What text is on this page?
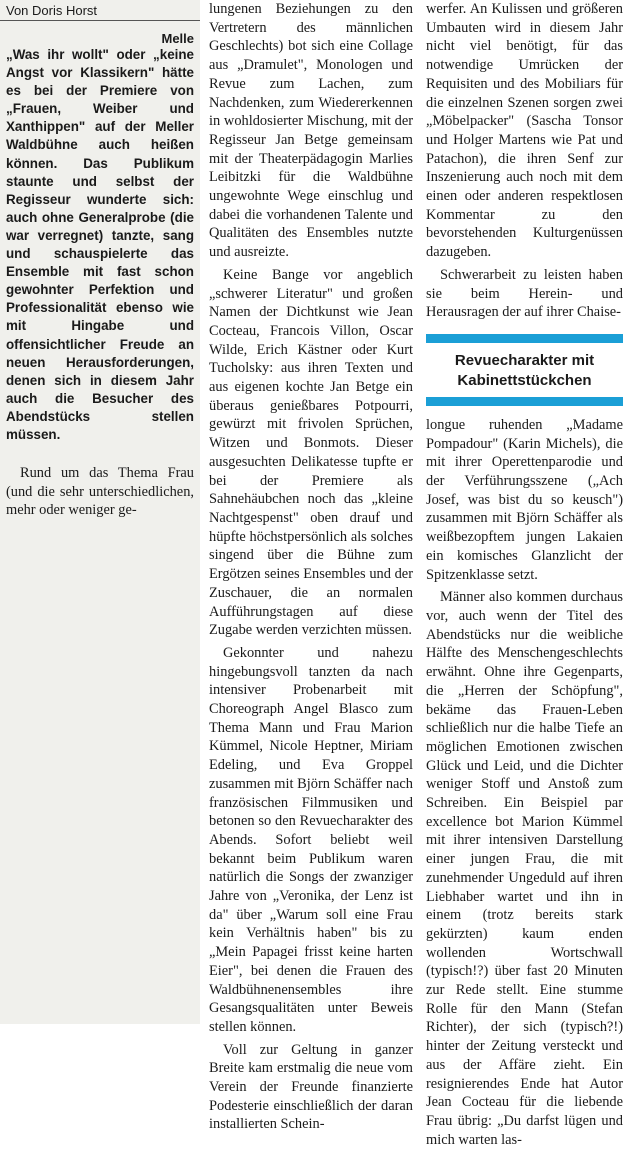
Von Doris Horst

Melle

„Was ihr wollt" oder „keine Angst vor Klassikern" hätte es bei der Premiere von „Frauen, Weiber und Xanthippen" auf der Meller Waldbühne auch heißen können. Das Publikum staunte und selbst der Regisseur wunderte sich: auch ohne Generalprobe (die war verregnet) tanzte, sang und schauspielerte das Ensemble mit fast schon gewohnter Perfektion und Professionalität ebenso wie mit Hingabe und offensichtlicher Freude an neuen Herausforderungen, denen sich in diesem Jahr auch die Besucher des Abendstücks stellen müssen.

Rund um das Thema Frau (und die sehr unterschiedlichen, mehr oder weniger ge-

lungenen Beziehungen zu den Vertretern des männlichen Geschlechts) bot sich eine Collage aus „Dramulet", Monologen und Revue zum Lachen, zum Nachdenken, zum Wiedererkennen in wohldosierter Mischung, mit der Regisseur Jan Betge gemeinsam mit der Theaterpädagogin Marlies Leibitzki für die Waldbühne ungewohnte Wege einschlug und dabei die vorhandenen Talente und Qualitäten des Ensembles nutzte und ausreizte.

Keine Bange vor angeblich „schwerer Literatur" und großen Namen der Dichtkunst wie Jean Cocteau, Francois Villon, Oscar Wilde, Erich Kästner oder Kurt Tucholsky: aus ihren Texten und aus eigenen kochte Jan Betge ein überaus genießbares Potpourri, gewürzt mit frivolen Sprüchen, Witzen und Bonmots. Dieser ausgesuchten Delikatesse tupfte er bei der Premiere als Sahnehäubchen noch das „kleine Nachtgespenst" oben drauf und hüpfte höchstpersönlich als solches singend über die Bühne zum Ergötzen seines Ensembles und der Zuschauer, die an normalen Aufführungstagen auf diese Zugabe werden verzichten müssen.

Gekonnter und nahezu hingebungsvoll tanzten da nach intensiver Probenarbeit mit Choreograph Angel Blasco zum Thema Mann und Frau Marion Kümmel, Nicole Heptner, Miriam Edeling, und Eva Groppel zusammen mit Björn Schäffer nach französischen Filmmusiken und betonen so den Revuecharakter des Abends. Sofort beliebt weil bekannt beim Publikum waren natürlich die Songs der zwanziger Jahre von „Veronika, der Lenz ist da" über „Warum soll eine Frau kein Verhältnis haben" bis zu „Mein Papagei frisst keine harten Eier", bei denen die Frauen des Waldbühnenensembles ihre Gesangsqualitäten unter Beweis stellen können.

Voll zur Geltung in ganzer Breite kam erstmalig die neue vom Verein der Freunde finanzierte Podesterie einschließlich der daran installierten Schein-

werfer. An Kulissen und größeren Umbauten wird in diesem Jahr nicht viel benötigt, für das notwendige Umrücken der Requisiten und des Mobiliars für die einzelnen Szenen sorgen zwei „Möbelpacker" (Sascha Tonsor und Holger Martens wie Pat und Patachon), die ihren Senf zur Inszenierung auch noch mit dem einen oder anderen respektlosen Kommentar zu den bevorstehenden Kulturgenüssen dazugeben.

Schwerarbeit zu leisten haben sie beim Herein- und Herausragen der auf ihrer Chaise-

Revuecharakter mit Kabinettstückchen

longue ruhenden „Madame Pompadour" (Karin Michels), die mit ihrer Operettenparodie und der Verführungsszene („Ach Josef, was bist du so keusch") zusammen mit Björn Schäffer als weißbezopftem jungen Lakaien ein komisches Glanzlicht der Spitzenklasse setzt.

Männer also kommen durchaus vor, auch wenn der Titel des Abendstücks nur die weibliche Hälfte des Menschengeschlechts erwähnt. Ohne ihre Gegenparts, die „Herren der Schöpfung", bekäme das Frauen-Leben schließlich nur die halbe Tiefe an möglichen Emotionen zwischen Glück und Leid, und die Dichter weniger Stoff und Anstoß zum Schreiben. Ein Beispiel par excellence bot Marion Kümmel mit ihrer intensiven Darstellung einer jungen Frau, die mit zunehmender Ungeduld auf ihren Liebhaber wartet und ihn in einem (trotz bereits stark gekürzten) kaum enden wollenden Wortschwall (typisch!?) über fast 20 Minuten zur Rede stellt. Eine stumme Rolle für den Mann (Stefan Richter), der sich (typisch?!) hinter der Zeitung versteckt und aus der Affäre zieht. Ein resignierendes Ende hat Autor Jean Cocteau für die liebende Frau übrig: „Du darfst lügen und mich warten las-
